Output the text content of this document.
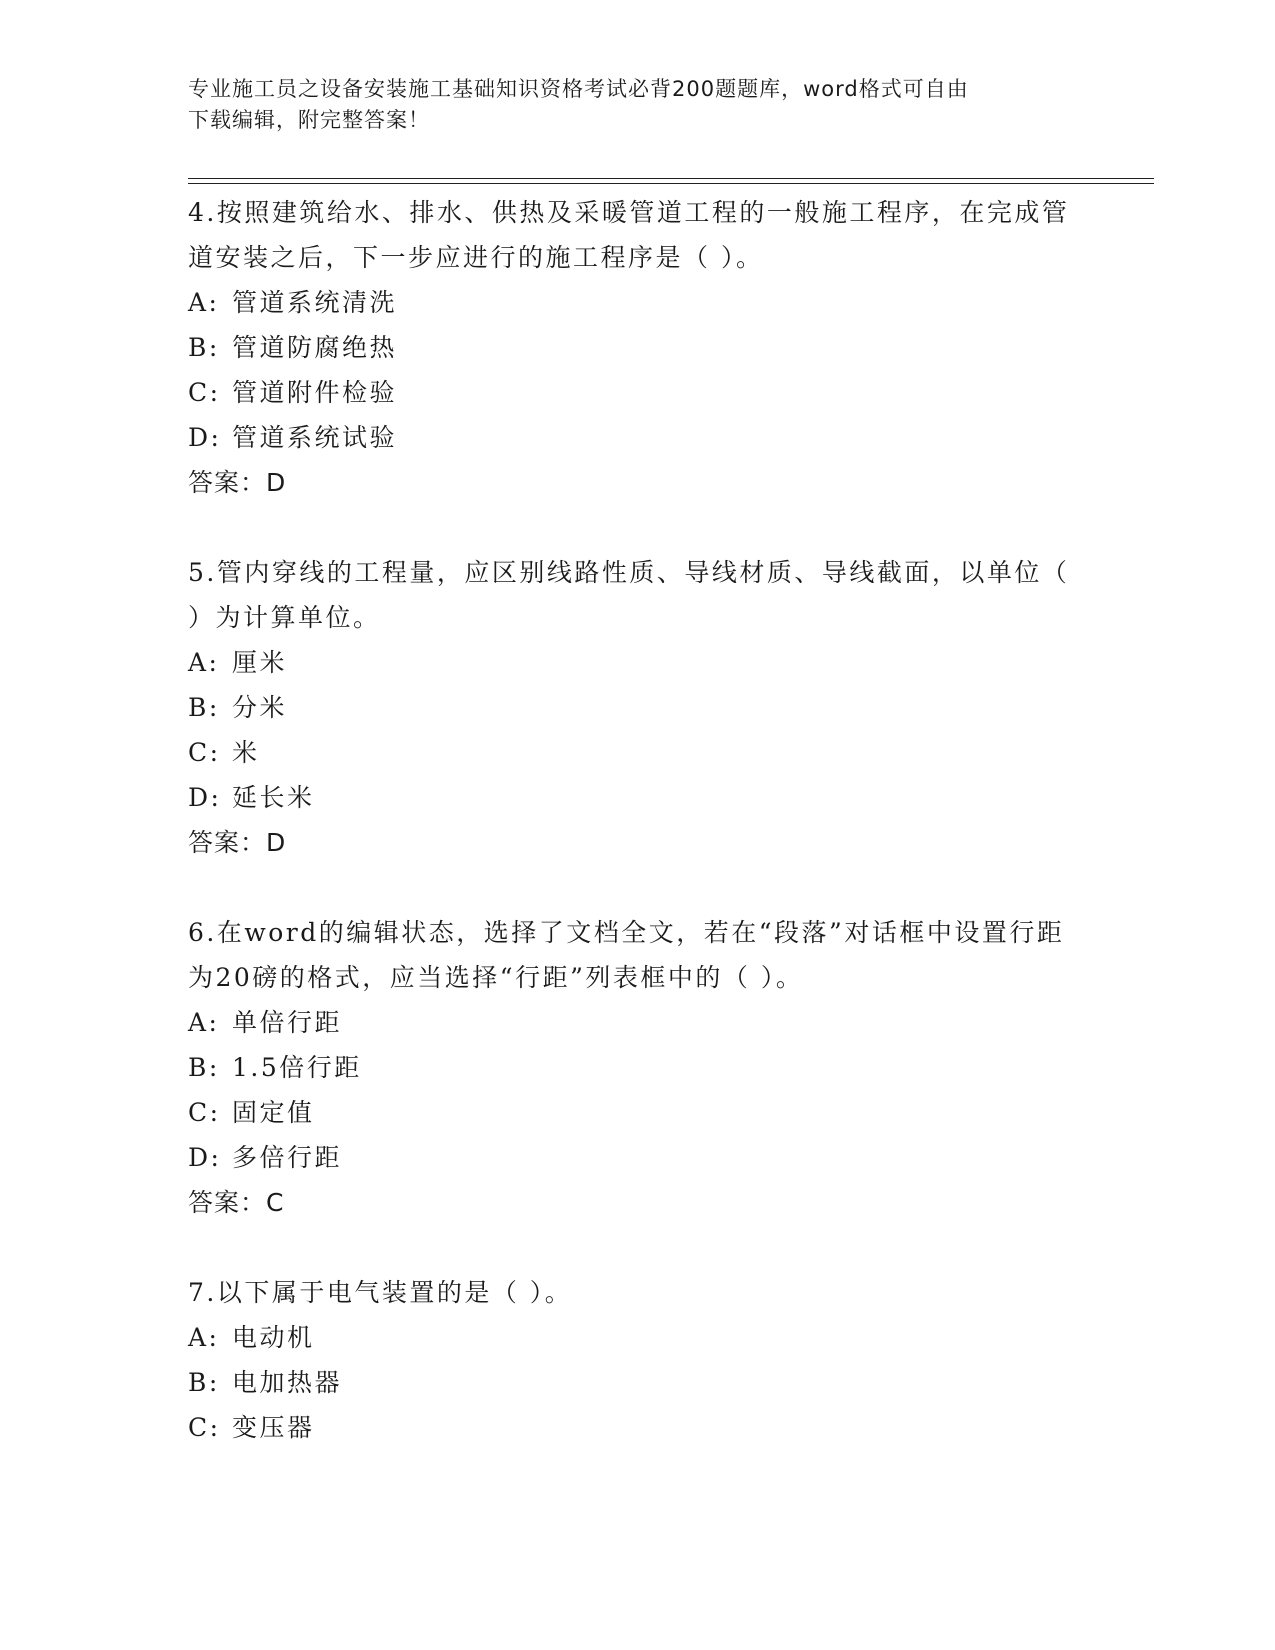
专业施工员之设备安装施工基础知识资格考试必背200题题库，word格式可自由
下载编辑，附完整答案！
4.按照建筑给水、排水、供热及采暖管道工程的一般施工程序，在完成管道安装之后，下一步应进行的施工程序是（ ）。
A: 管道系统清洗
B: 管道防腐绝热
C: 管道附件检验
D: 管道系统试验
答案：D
5.管内穿线的工程量，应区别线路性质、导线材质、导线截面，以单位（ ）为计算单位。
A: 厘米
B: 分米
C: 米
D: 延长米
答案：D
6.在word的编辑状态，选择了文档全文，若在“段落”对话框中设置行距为20磅的格式，应当选择“行距”列表框中的（ ）。
A: 单倍行距
B: 1.5倍行距
C: 固定值
D: 多倍行距
答案：C
7.以下属于电气装置的是（ ）。
A: 电动机
B: 电加热器
C: 变压器
